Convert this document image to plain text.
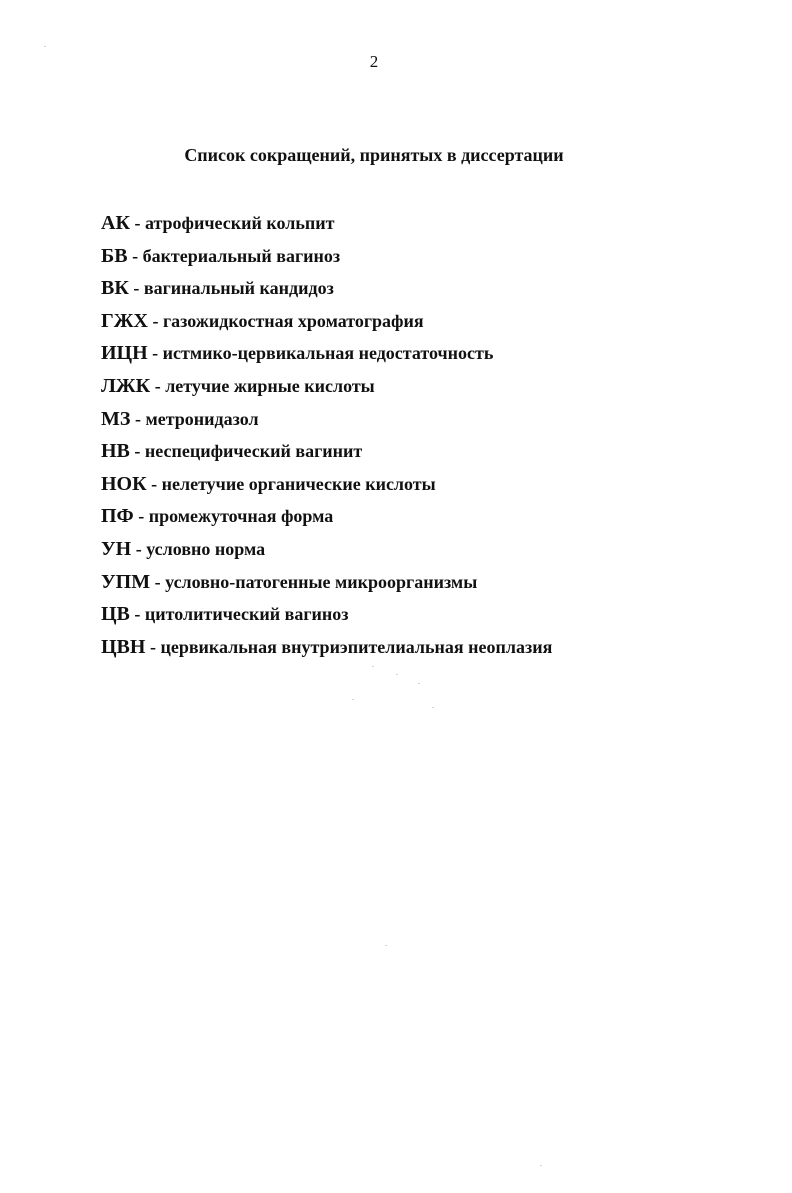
2
Список сокращений, принятых в диссертации
АК - атрофический кольпит
БВ - бактериальный вагиноз
ВК - вагинальный кандидоз
ГЖХ - газожидкостная хроматография
ИЦН - истмико-цервикальная недостаточность
ЛЖК - летучие жирные кислоты
МЗ - метронидазол
НВ - неспецифический вагинит
НОК - нелетучие органические кислоты
ПФ - промежуточная форма
УН - условно норма
УПМ - условно-патогенные микроорганизмы
ЦВ - цитолитический вагиноз
ЦВН - цервикальная внутриэпителиальная неоплазия
